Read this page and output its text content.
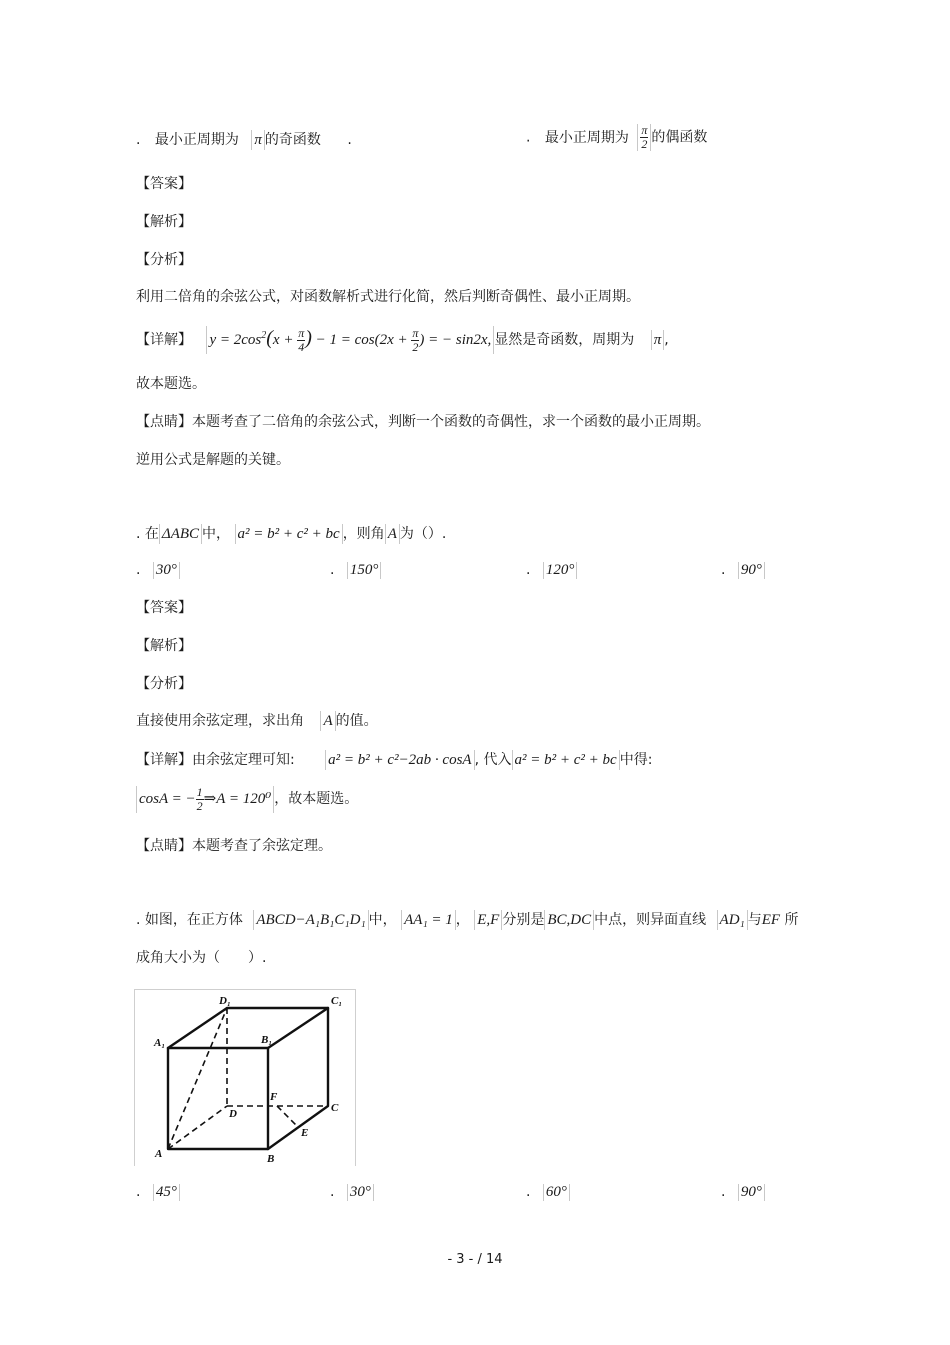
. 最小正周期为 π 的奇函数 .	. 最小正周期为 $\frac{\pi}{2}$ 的偶函数
【答案】
【解析】
【分析】
利用二倍角的余弦公式，对函数解析式进行化简，然后判断奇偶性、最小正周期。
【详解】 $y = 2\cos^2(x + \frac{\pi}{4}$ ) − $1 = \cos(2x + \frac{\pi}{2}$ ) = − sin2x, 显然是奇函数，周期为 π ,
故本题选。
【点睛】本题考查了二倍角的余弦公式，判断一个函数的奇偶性，求一个函数的最小正周期。
逆用公式是解题的关键。
. 在 ΔABC 中， a² = b² + c² + bc ，则角 A 为（）.
. 30°	. 150°	. 120°	. 90°
【答案】
【解析】
【分析】
直接使用余弦定理，求出角 A 的值。
【详解】由余弦定理可知: a² = b² + c²−2ab · cosA , 代入 a² = b² + c² + bc 中得:
cosA = − $\frac{1}{2}$ ⇒A = 120⁰ ，故本题选。
【点睛】本题考查了余弦定理。
. 如图，在正方体 ABCD−A₁B₁C₁D₁ 中， AA₁ = 1 ， E,F 分别是 BC,DC 中点，则异面直线 AD₁ 与EF 所
成角大小为（　　）.
A	B
C
D
A₁	B₁
C₁
D₁
E
F
. 45°	. 30°	. 60°	. 90°
- 3 - / 14
